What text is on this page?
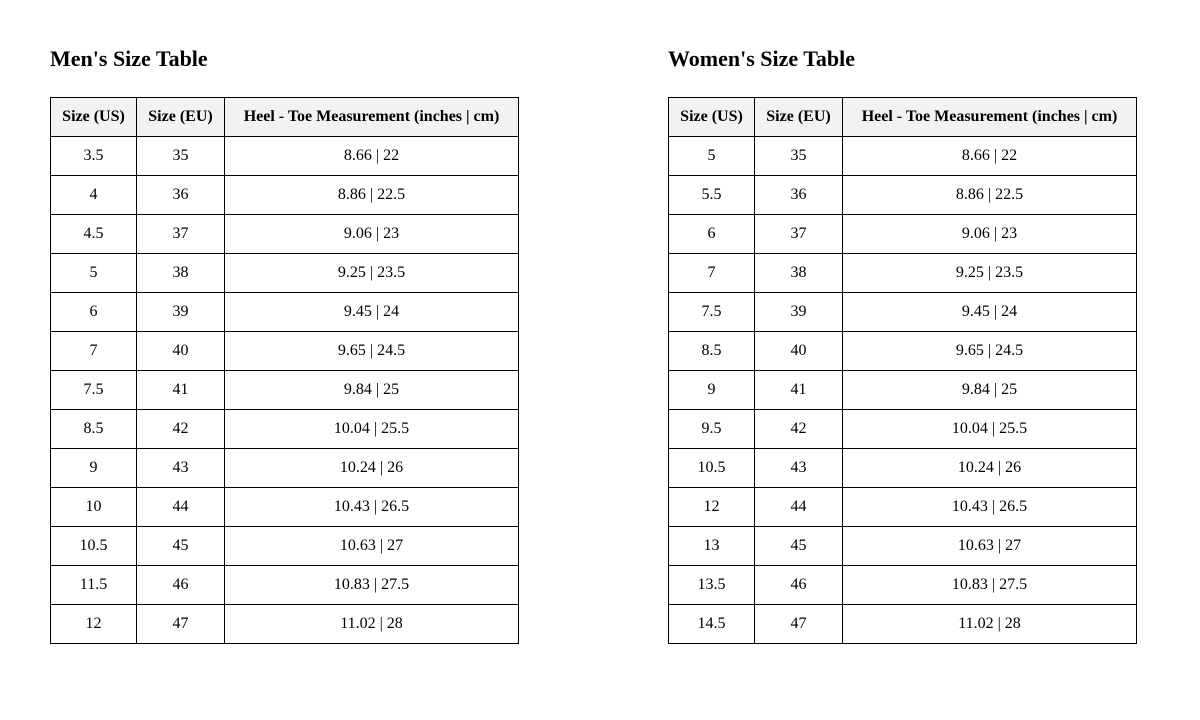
Men's Size Table
Size (US)	Size (EU)	Heel - Toe Measurement (inches | cm)
3.5	35	8.66 | 22
4	36	8.86 | 22.5
4.5	37	9.06 | 23
5	38	9.25 | 23.5
6	39	9.45 | 24
7	40	9.65 | 24.5
7.5	41	9.84 | 25
8.5	42	10.04 | 25.5
9	43	10.24 | 26
10	44	10.43 | 26.5
10.5	45	10.63 | 27
11.5	46	10.83 | 27.5
12	47	11.02 | 28
Women's Size Table
Size (US)	Size (EU)	Heel - Toe Measurement (inches | cm)
5	35	8.66 | 22
5.5	36	8.86 | 22.5
6	37	9.06 | 23
7	38	9.25 | 23.5
7.5	39	9.45 | 24
8.5	40	9.65 | 24.5
9	41	9.84 | 25
9.5	42	10.04 | 25.5
10.5	43	10.24 | 26
12	44	10.43 | 26.5
13	45	10.63 | 27
13.5	46	10.83 | 27.5
14.5	47	11.02 | 28
